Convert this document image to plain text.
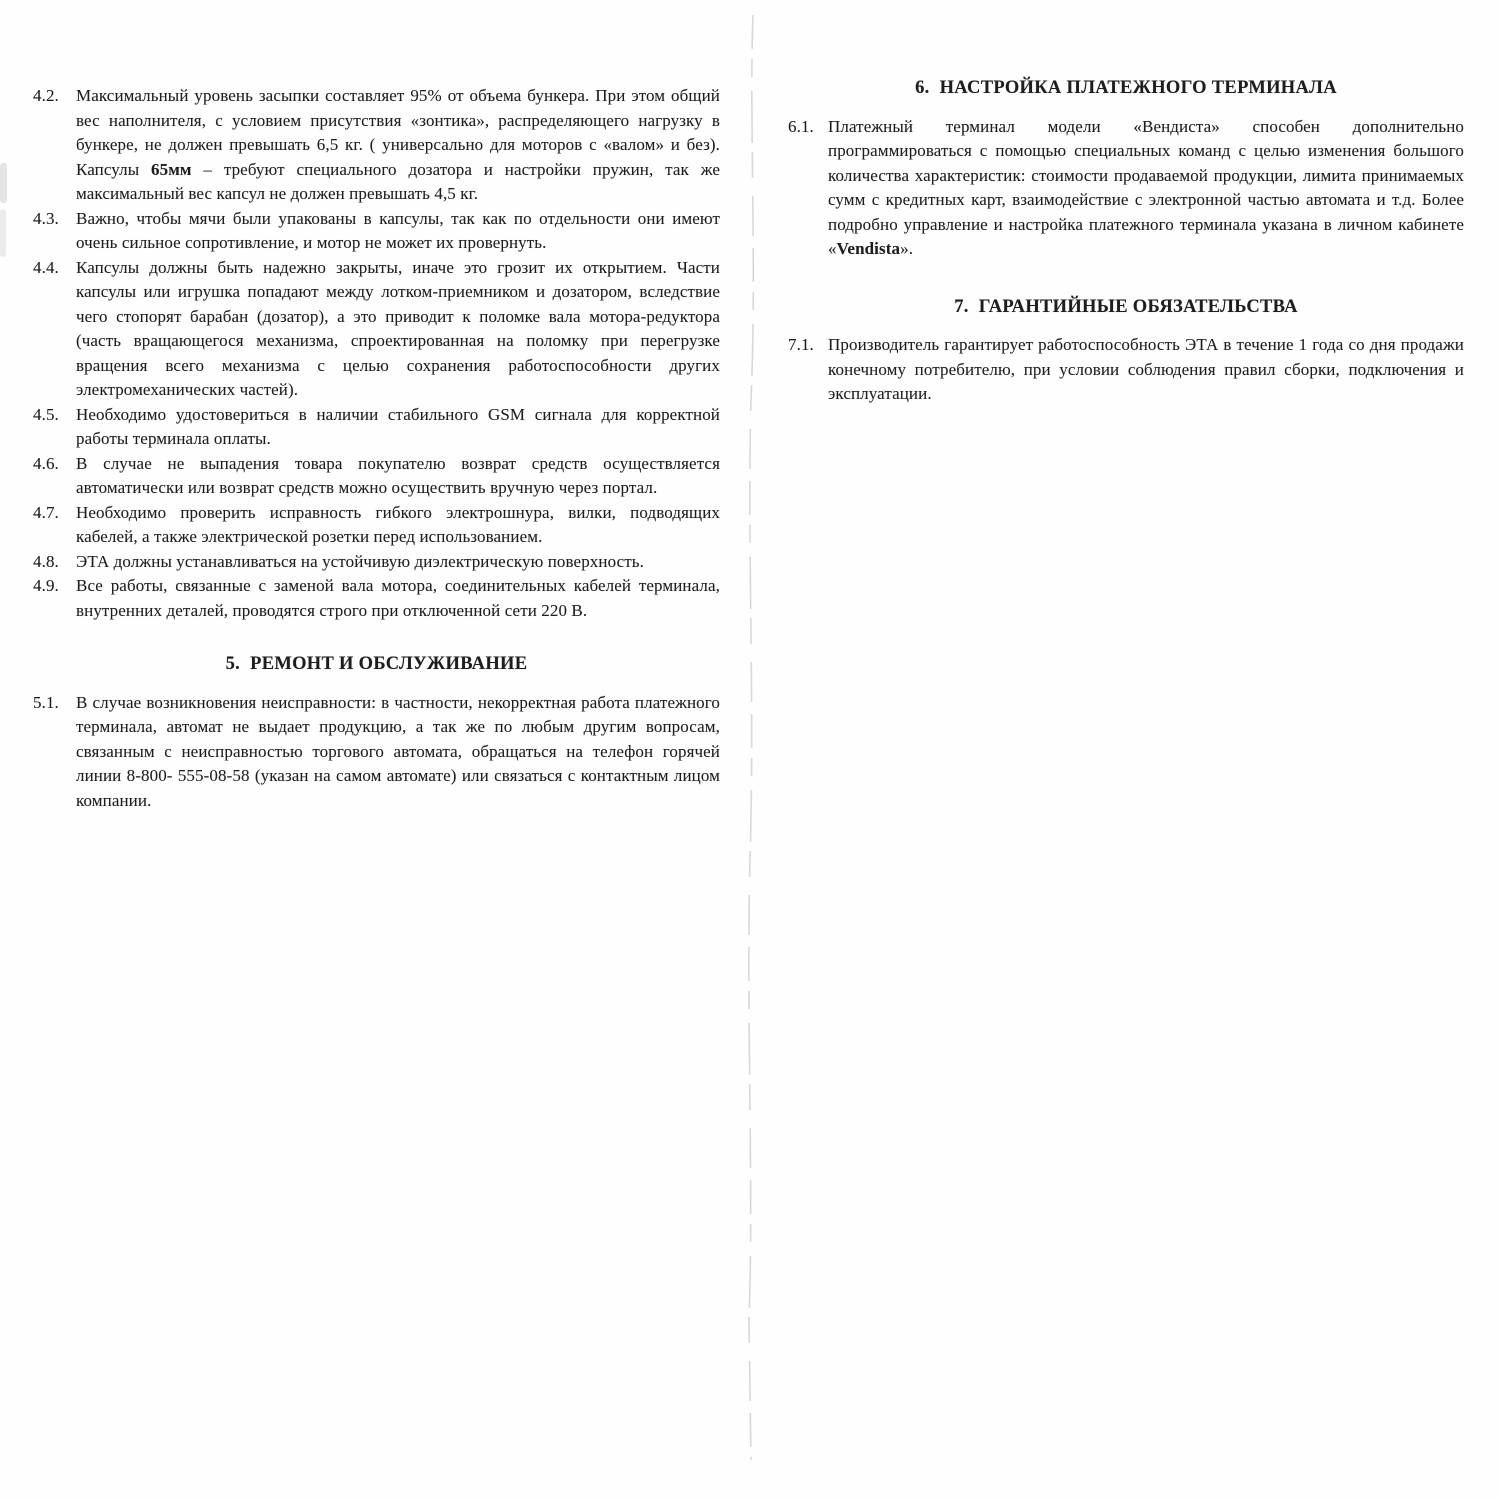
4.2.	Максимальный уровень засыпки составляет 95% от объема бункера. При этом общий вес наполнителя, с условием присутствия «зонтика», распределяющего нагрузку в бункере, не должен превышать 6,5 кг. ( универсально для моторов с «валом» и без). Капсулы 65мм – требуют специального дозатора и настройки пружин, так же максимальный вес капсул не должен превышать 4,5 кг.
4.3.	Важно, чтобы мячи были упакованы в капсулы, так как по отдельности они имеют очень сильное сопротивление, и мотор не может их провернуть.
4.4.	Капсулы должны быть надежно закрыты, иначе это грозит их открытием. Части капсулы или игрушка попадают между лотком-приемником и дозатором, вследствие чего стопорят барабан (дозатор), а это приводит к поломке вала мотора-редуктора (часть вращающегося механизма, спроектированная на поломку при перегрузке вращения всего механизма с целью сохранения работоспособности других электромеханических частей).
4.5.	Необходимо удостовериться в наличии стабильного GSM сигнала для корректной работы терминала оплаты.
4.6.	В случае не выпадения товара покупателю возврат средств осуществляется автоматически или возврат средств можно осуществить вручную через портал.
4.7.	Необходимо проверить исправность гибкого электрошнура, вилки, подводящих кабелей, а также электрической розетки перед использованием.
4.8.	ЭТА должны устанавливаться на устойчивую диэлектрическую поверхность.
4.9.	Все работы, связанные с заменой вала мотора, соединительных кабелей терминала, внутренних деталей, проводятся строго при отключенной сети 220 В.
5. РЕМОНТ И ОБСЛУЖИВАНИЕ
5.1.	В случае возникновения неисправности: в частности, некорректная работа платежного терминала, автомат не выдает продукцию, а так же по любым другим вопросам, связанным с неисправностью торгового автомата, обращаться на телефон горячей линии 8-800- 555-08-58 (указан на самом автомате) или связаться с контактным лицом компании.
6. НАСТРОЙКА ПЛАТЕЖНОГО ТЕРМИНАЛА
6.1. Платежный терминал модели «Вендиста» способен дополнительно программироваться с помощью специальных команд с целью изменения большого количества характеристик: стоимости продаваемой продукции, лимита принимаемых сумм с кредитных карт, взаимодействие с электронной частью автомата и т.д. Более подробно управление и настройка платежного терминала указана в личном кабинете «Vendista».
7. ГАРАНТИЙНЫЕ ОБЯЗАТЕЛЬСТВА
7.1. Производитель гарантирует работоспособность ЭТА в течение 1 года со дня продажи конечному потребителю, при условии соблюдения правил сборки, подключения и эксплуатации.
